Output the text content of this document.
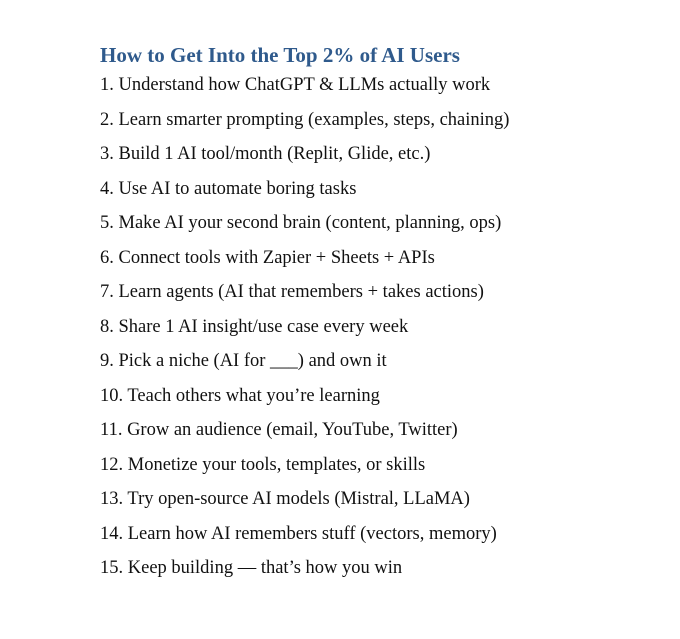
How to Get Into the Top 2% of AI Users
1. Understand how ChatGPT & LLMs actually work
2. Learn smarter prompting (examples, steps, chaining)
3. Build 1 AI tool/month (Replit, Glide, etc.)
4. Use AI to automate boring tasks
5. Make AI your second brain (content, planning, ops)
6. Connect tools with Zapier + Sheets + APIs
7. Learn agents (AI that remembers + takes actions)
8. Share 1 AI insight/use case every week
9. Pick a niche (AI for ___) and own it
10. Teach others what you’re learning
11. Grow an audience (email, YouTube, Twitter)
12. Monetize your tools, templates, or skills
13. Try open-source AI models (Mistral, LLaMA)
14. Learn how AI remembers stuff (vectors, memory)
15. Keep building — that’s how you win
